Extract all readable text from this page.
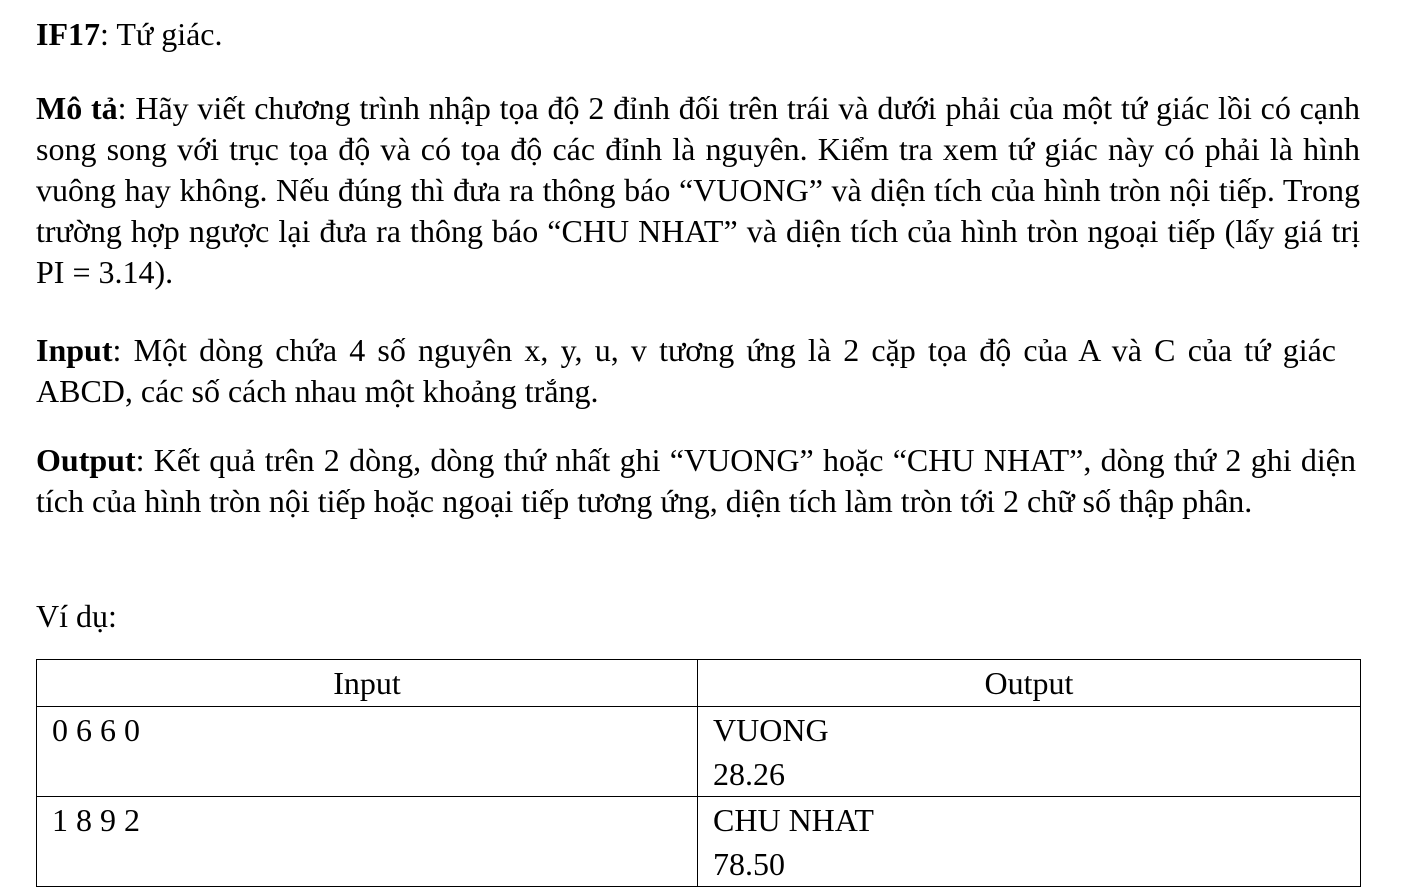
IF17: Tứ giác.
Mô tả: Hãy viết chương trình nhập tọa độ 2 đỉnh đối trên trái và dưới phải của một tứ giác lồi có cạnh song song với trục tọa độ và có tọa độ các đỉnh là nguyên. Kiểm tra xem tứ giác này có phải là hình vuông hay không. Nếu đúng thì đưa ra thông báo “VUONG” và diện tích của hình tròn nội tiếp. Trong trường hợp ngược lại đưa ra thông báo “CHU NHAT” và diện tích của hình tròn ngoại tiếp (lấy giá trị PI = 3.14).
Input: Một dòng chứa 4 số nguyên x, y, u, v tương ứng là 2 cặp tọa độ của A và C của tứ giác ABCD, các số cách nhau một khoảng trắng.
Output: Kết quả trên 2 dòng, dòng thứ nhất ghi “VUONG” hoặc “CHU NHAT”, dòng thứ 2 ghi diện tích của hình tròn nội tiếp hoặc ngoại tiếp tương ứng, diện tích làm tròn tới 2 chữ số thập phân.
Ví dụ:
Input	Output

0 6 6 0	VUONG
28.26

1 8 9 2	CHU NHAT
78.50
